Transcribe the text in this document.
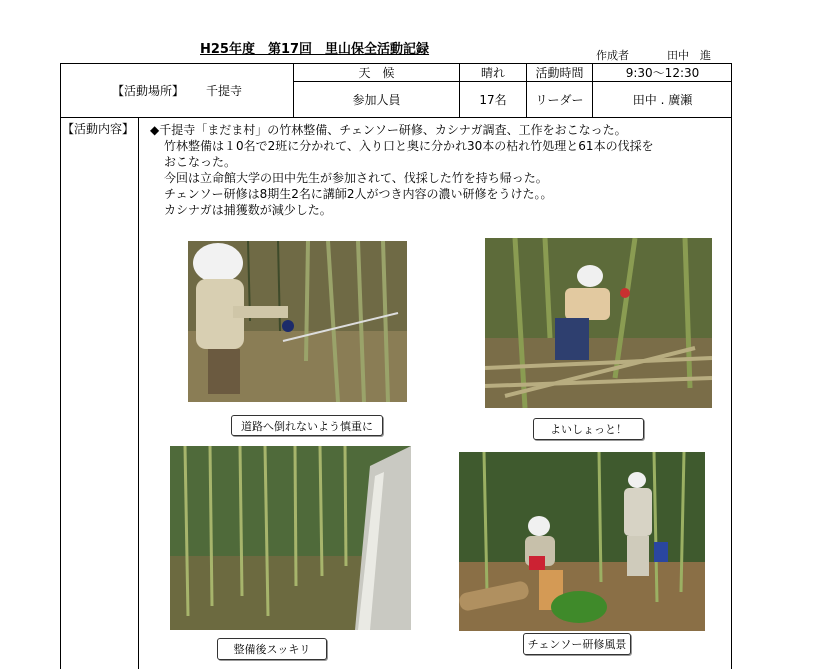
H25年度　第17回　里山保全活動記録	作成者	田中　進
【活動場所】 千提寺
天　候	晴れ	活動時間	9:30〜12:30
参加人員	17名	リーダー	田中 . 廣瀬
【活動内容】 ◆千提寺「まだま村」の竹林整備、チェンソー研修、カシナガ調査、工作をおこなった。

竹林整備は１0名で2班に分かれて、入り口と奥に分かれ30本の枯れ竹処理と61本の伐採を

おこなった。

今回は立命館大学の田中先生が参加されて、伐採した竹を持ち帰った。

チェンソー研修は8期生2名に講師2人がつき内容の濃い研修をうけた。。

カシナガは捕獲数が減少した。

道路へ倒れないよう慎重に	よいしょっと！
整備後スッキリ	チェンソー研修風景
